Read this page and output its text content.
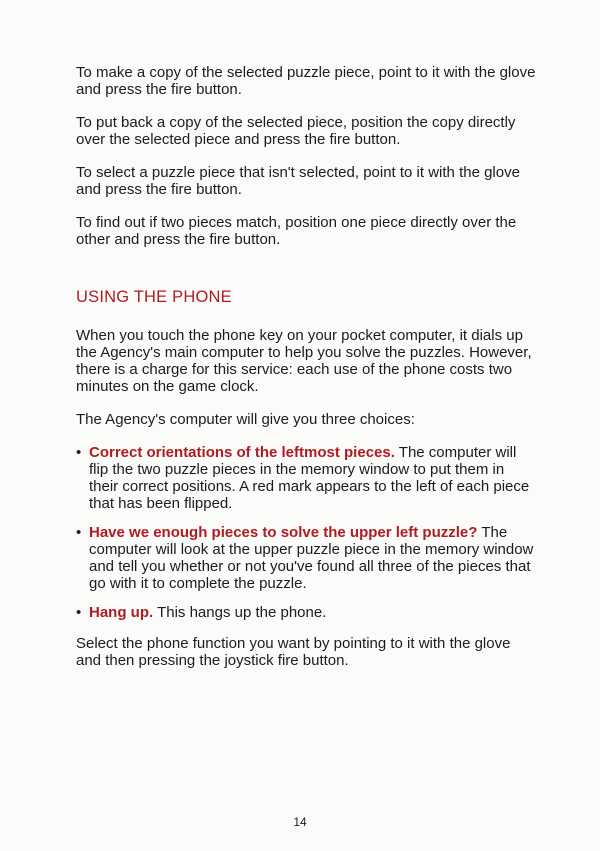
To make a copy of the selected puzzle piece, point to it with the glove and press the fire button.

To put back a copy of the selected piece, position the copy directly over the selected piece and press the fire button.

To select a puzzle piece that isn't selected, point to it with the glove and press the fire button.

To find out if two pieces match, position one piece directly over the other and press the fire button.

USING THE PHONE

When you touch the phone key on your pocket computer, it dials up the Agency's main computer to help you solve the puzzles. However, there is a charge for this service: each use of the phone costs two minutes on the game clock.

The Agency's computer will give you three choices:

• Correct orientations of the leftmost pieces. The computer will flip the two puzzle pieces in the memory window to put them in their correct positions. A red mark appears to the left of each piece that has been flipped.
• Have we enough pieces to solve the upper left puzzle? The computer will look at the upper puzzle piece in the memory window and tell you whether or not you've found all three of the pieces that go with it to complete the puzzle.
• Hang up. This hangs up the phone.

Select the phone function you want by pointing to it with the glove and then pressing the joystick fire button.

14
